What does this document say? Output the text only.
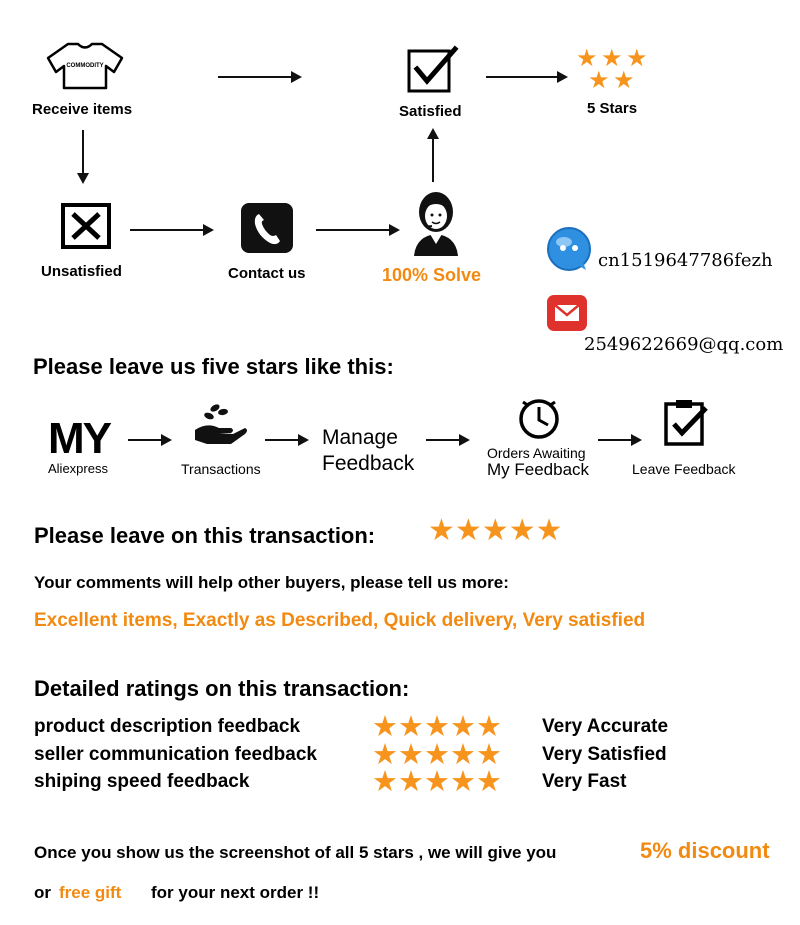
COMMODITY
Receive items	Satisfied
★ ★ ★
★ ★
5 Stars
Unsatisfied	Contact us	100% Solve
cn1519647786fezh
2549622669@qq.com
Please leave us five stars like this:
MY
Aliexpress	Transactions
Manage
Feedback	Orders Awaiting
My Feedback	Leave Feedback
Please leave on this transaction: ★★★★★
Your comments will help other buyers, please tell us more:
Excellent items, Exactly as Described, Quick delivery, Very satisfied
Detailed ratings on this transaction:
product description feedback ★★★★★ Very Accurate
seller communication feedback ★★★★★ Very Satisfied
shiping speed feedback	★★★★★ Very Fast
Once you show us the screenshot of all 5 stars , we will give you	5% discount
or free gift for your next order !!
